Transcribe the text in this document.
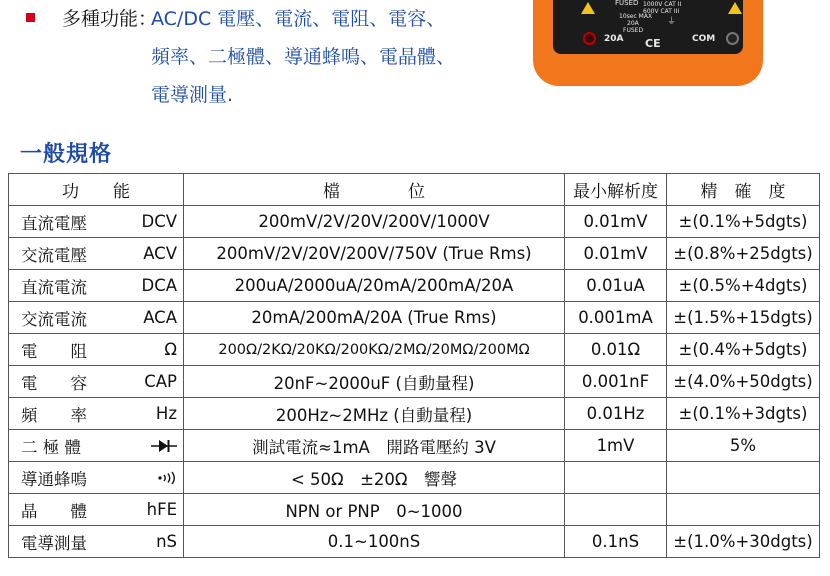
多種功能：
AC/DC 電壓、電流、電阻、電容、
頻率、二極體、導通蜂鳴、電晶體、
電導測量.
FUSED 1000V CAT II
600V CAT III
10sec MAX
20A
FUSED
⏚
20A	COM
CE
一般規格
功　　能	檔　　　　位	最小解析度	精　確　度

直流電壓 DCV	200mV/2V/20V/200V/1000V	0.01mV	±(0.1%+5dgts)

交流電壓 ACV	200mV/2V/20V/200V/750V (True Rms)	0.01mV	±(0.8%+25dgts)

直流電流 DCA	200uA/2000uA/20mA/200mA/20A	0.01uA	±(0.5%+4dgts)

交流電流 ACA	20mA/200mA/20A (True Rms)	0.001mA	±(1.5%+15dgts)

電　　阻 Ω	200Ω/2KΩ/20KΩ/200KΩ/2MΩ/20MΩ/200MΩ	0.01Ω	±(0.4%+5dgts)

電　　容 CAP	20nF~2000uF (自動量程)	0.001nF	±(4.0%+50dgts)

頻　　率 Hz	200Hz~2MHz (自動量程)	0.01Hz	±(0.1%+3dgts)

二 極 體	測試電流≈1mA　開路電壓約 3V	1mV	5%

導通蜂鳴	< 50Ω　±20Ω　響聲		

晶　　體 hFE	NPN or PNP　0~1000		

電導測量 nS	0.1~100nS	0.1nS	±(1.0%+30dgts)
